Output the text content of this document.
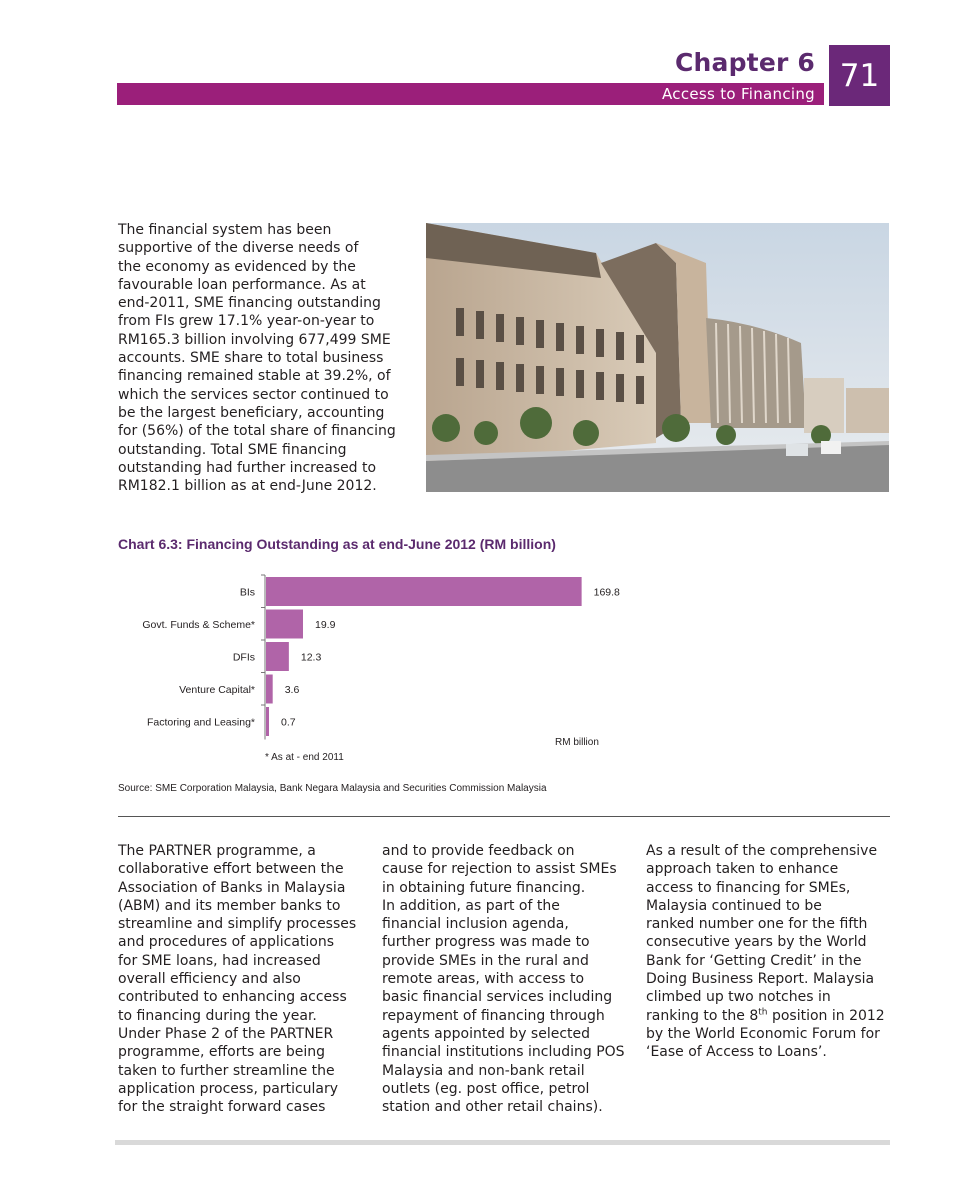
Chapter 6
Access to Financing
71
The financial system has been
supportive of the diverse needs of
the economy as evidenced by the
favourable loan performance. As at
end-2011, SME financing outstanding
from FIs grew 17.1% year-on-year to
RM165.3 billion involving 677,499 SME
accounts. SME share to total business
financing remained stable at 39.2%, of
which the services sector continued to
be the largest beneficiary, accounting
for (56%) of the total share of financing
outstanding. Total SME financing
outstanding had further increased to
RM182.1 billion as at end-June 2012.
Chart 6.3: Financing Outstanding as at end-June 2012 (RM billion)
BIs	169.8
Govt. Funds & Scheme*	19.9
DFIs	12.3
Venture Capital*	3.6
Factoring and Leasing* 0.7
RM billion
* As at - end 2011
Source: SME Corporation Malaysia, Bank Negara Malaysia and Securities Commission Malaysia
The PARTNER programme, a
collaborative effort between the
Association of Banks in Malaysia
(ABM) and its member banks to
streamline and simplify processes
and procedures of applications
for SME loans, had increased
overall efficiency and also
contributed to enhancing access
to financing during the year.
Under Phase 2 of the PARTNER
programme, efforts are being
taken to further streamline the
application process, particulary
for the straight forward cases
and to provide feedback on
cause for rejection to assist SMEs
in obtaining future financing.
In addition, as part of the
financial inclusion agenda,
further progress was made to
provide SMEs in the rural and
remote areas, with access to
basic financial services including
repayment of financing through
agents appointed by selected
financial institutions including POS
Malaysia and non-bank retail
outlets (eg. post office, petrol
station and other retail chains).
As a result of the comprehensive
approach taken to enhance
access to financing for SMEs,
Malaysia continued to be
ranked number one for the fifth
consecutive years by the World
Bank for ‘Getting Credit’ in the
Doing Business Report. Malaysia
climbed up two notches in
ranking to the 8th position in 2012
by the World Economic Forum for
‘Ease of Access to Loans’.
